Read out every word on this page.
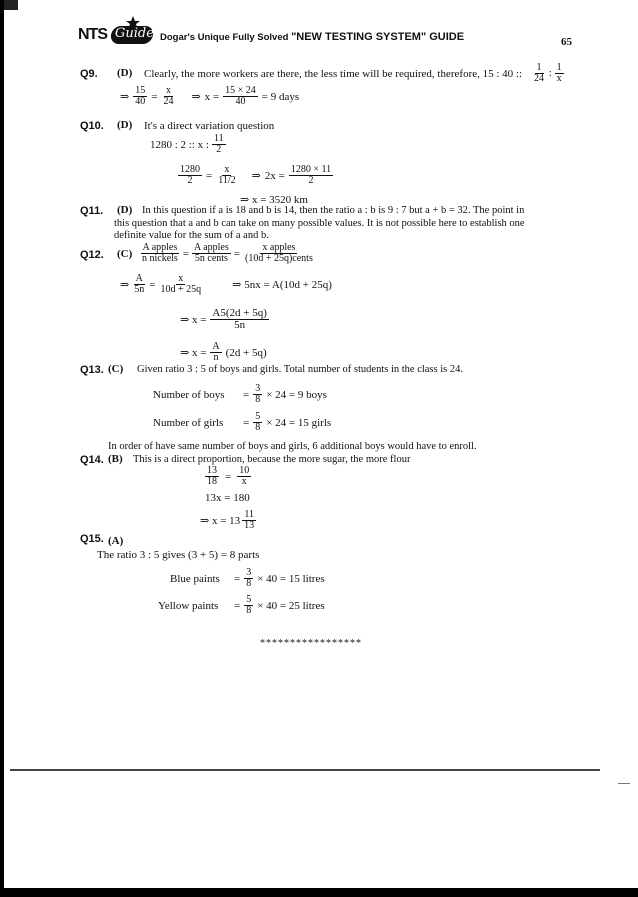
NTS Guide Dogar's Unique Fully Solved "NEW TESTING SYSTEM" GUIDE	65
Q9. (D) Clearly, the more workers are there, the less time will be required, therefore, 15 : 40 :: $\frac{1}{24}$ : $\frac{1}{x}$
⇒ $\frac{15}{40} = \frac{x}{24}$ ⇒ $x = \frac{15 \times 24}{40} = 9$ days
Q10. (D) It's a direct variation question
1280 : 2 :: x : $\frac{11}{2}$
$\frac{1280}{2} = \frac{x}{11/2}$ ⇒ $2x = \frac{1280 \times 11}{2}$
⇒ x = 3520 km
Q11. (D) In this question if a is 18 and b is 14, then the ratio a : b is 9 : 7 but a + b = 32. The point in
this question that a and b can take on many possible values. It is not possible here to establish one
definite value for the sum of a and b.
Q12. $(C) \frac{\text{A apples}}{\text{n nickels}} = \frac{\text{A apples}}{\text{5n cents}} = \frac{\text{x apples}}{\text{(10d + 25q)cents}}$
⇒ $\frac{A}{5n} = \frac{x}{10d + 25q}$	⇒ 5nx = A(10d + 25q)
⇒ $x = \frac{A5(2d + 5q)}{5n}$
⇒ $x = \frac{A}{n} (2d + 5q)$
Q13. (C) Given ratio 3 : 5 of boys and girls. Total number of students in the class is 24.
Number of boys	= $\frac{3}{8} \times 24 = 9$ boys
Number of girls	= $\frac{5}{8} \times 24 = 15$ girls
In order of have same number of boys and girls, 6 additional boys would have to enroll.
Q14. (B) This is a direct proportion, because the more sugar, the more flour
$\frac{13}{18} = \frac{10}{x}$
13x = 180
⇒ $x = 13 \frac{11}{13}$
Q15. (A)
The ratio 3 : 5 gives (3 + 5) = 8 parts
Blue paints	= $\frac{3}{8} \times 40 = 15$ litres
Yellow paints	= $\frac{5}{8} \times 40 = 25$ litres
*****************
